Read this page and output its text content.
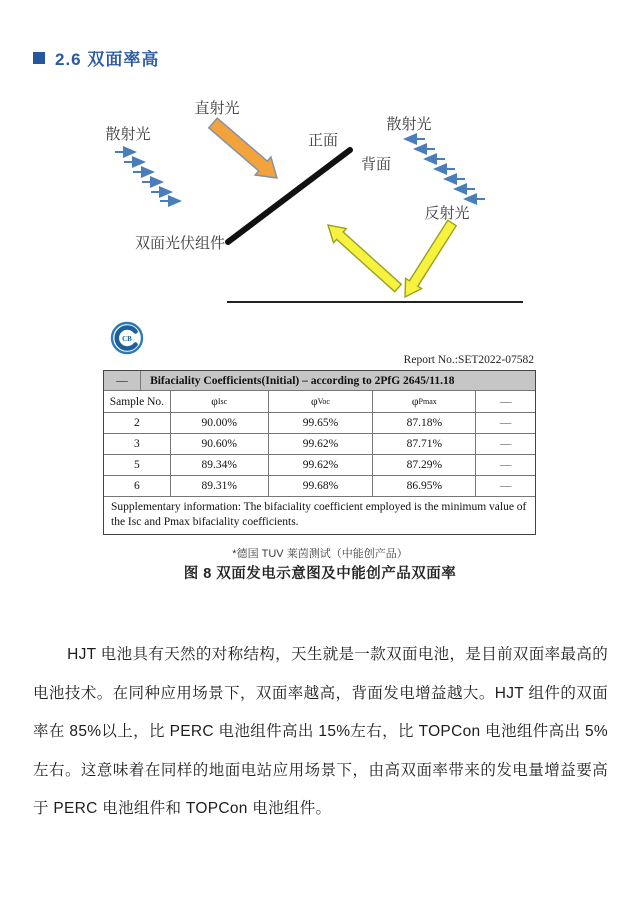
2.6 双面率高
直射光
散射光	正面
背面
散射光
反射光
双面光伏组件
CB
Report No.:SET2022-07582
—	Bifaciality Coefficients(Initial) – according to 2PfG 2645/11.18
Sample No.	φ Isc	φ Voc	φ Pmax	—
2	90.00%	99.65%	87.18%	—
3	90.60%	99.62%	87.71%	—
5	89.34%	99.62%	87.29%	—
6	89.31%	99.68%	86.95%	—
Supplementary information: The bifaciality coefficient employed is the minimum value of the Isc and Pmax bifaciality coefficients.
*德国 TUV 莱茵测试（中能创产品）
图 8 双面发电示意图及中能创产品双面率
HJT 电池具有天然的对称结构，天生就是一款双面电池，是目前双面率最高的电池技术。在同种应用场景下，双面率越高，背面发电增益越大。HJT 组件的双面率在 85%以上，比 PERC 电池组件高出 15%左右，比 TOPCon 电池组件高出 5%左右。这意味着在同样的地面电站应用场景下，由高双面率带来的发电量增益要高于 PERC 电池组件和 TOPCon 电池组件。
